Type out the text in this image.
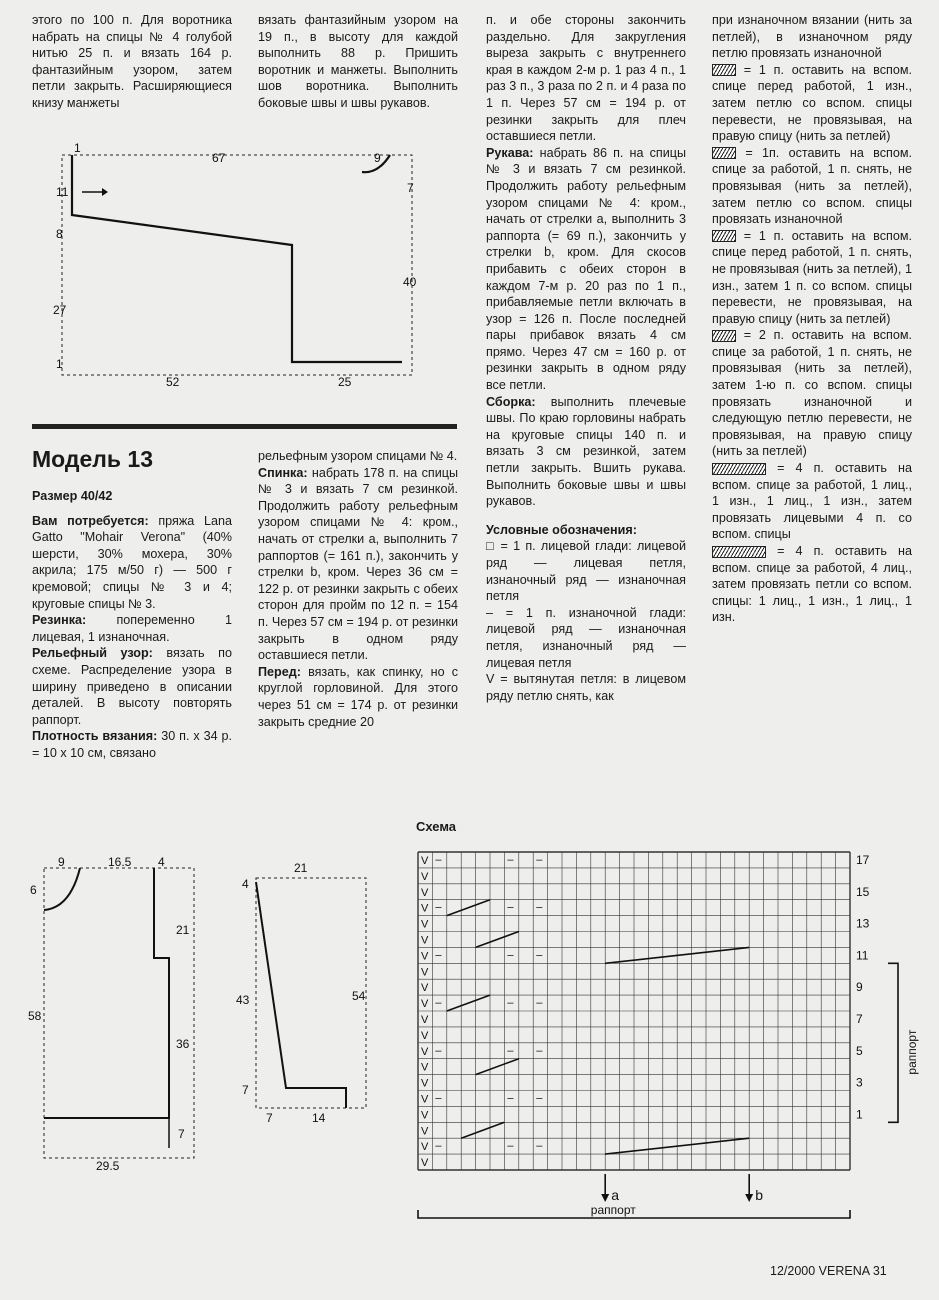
этого по 100 п. Для воротника набрать на спицы № 4 голубой нитью 25 п. и вязать 164 р. фантазийным узором, затем петли закрыть. Расширяющиеся книзу манжеты

вязать фантазийным узором на 19 п., в высоту для каждой выполнить 88 р. Пришить воротник и манжеты. Выполнить шов воротника. Выполнить боковые швы и швы рукавов.

п. и обе стороны закончить раздельно. Для закругления выреза закрыть с внутреннего края в каждом 2-м р. 1 раз 4 п., 1 раз 3 п., 3 раза по 2 п. и 4 раза по 1 п. Через 57 см = 194 р. от резинки закрыть для плеч оставшиеся петли.

Рукава: набрать 86 п. на спицы № 3 и вязать 7 см резинкой. Продолжить работу рельефным узором спицами № 4: кром., начать от стрелки а, выполнить 3 раппорта (= 69 п.), закончить у стрелки b, кром. Для скосов прибавить с обеих сторон в каждом 7-м р. 20 раз по 1 п., прибавляемые петли включать в узор = 126 п. После последней пары прибавок вязать 4 см прямо. Через 47 см = 160 р. от резинки закрыть в одном ряду все петли.

Сборка: выполнить плечевые швы. По краю горловины набрать на круговые спицы 140 п. и вязать 3 см резинкой, затем петли закрыть. Вшить рукава. Выполнить боковые швы и швы рукавов.

Условные обозначения:

□ = 1 п. лицевой глади: лицевой ряд — лицевая петля, изнаночный ряд — изнаночная петля

– = 1 п. изнаночной глади: лицевой ряд — изнаночная петля, изнаночный ряд — лицевая петля

V = вытянутая петля: в лицевом ряду петлю снять, как

при изнаночном вязании (нить за петлей), в изнаночном ряду петлю провязать изнаночной

= 1 п. оставить на вспом. спице перед работой, 1 изн., затем петлю со вспом. спицы перевести, не провязывая, на правую спицу (нить за петлей)

= 1п. оставить на вспом. спице за работой, 1 п. снять, не провязывая (нить за петлей), затем петлю со вспом. спицы провязать изнаночной

= 1 п. оставить на вспом. спице перед работой, 1 п. снять, не провязывая (нить за петлей), 1 изн., затем 1 п. со вспом. спицы перевести, не провязывая, на правую спицу (нить за петлей)

= 2 п. оставить на вспом. спице за работой, 1 п. снять, не провязывая (нить за петлей), затем 1-ю п. со вспом. спицы провязать изнаночной и следующую петлю перевести, не провязывая, на правую спицу (нить за петлей)

= 4 п. оставить на вспом. спице за работой, 1 лиц., 1 изн., 1 лиц., 1 изн., затем провязать лицевыми 4 п. со вспом. спицы

= 4 п. оставить на вспом. спице за работой, 4 лиц., затем провязать петли со вспом. спицы: 1 лиц., 1 изн., 1 лиц., 1 изн.

1
67	9
11	7
8
40
27
1
52	25
Модель 13

Размер 40/42

Вам потребуется: пряжа Lana Gatto "Mohair Verona" (40% шерсти, 30% мохера, 30% акрила; 175 м/50 г) — 500 г кремовой; спицы № 3 и 4; круговые спицы № 3.

Резинка: попеременно 1 лицевая, 1 изнаночная.

Рельефный узор: вязать по схеме. Распределение узора в ширину приведено в описании деталей. В высоту повторять раппорт.

Плотность вязания: 30 п. х 34 р. = 10 х 10 см, связано

рельефным узором спицами № 4.

Спинка: набрать 178 п. на спицы № 3 и вязать 7 см резинкой. Продолжить работу рельефным узором спицами № 4: кром., начать от стрелки а, выполнить 7 раппортов (= 161 п.), закончить у стрелки b, кром. Через 36 см = 122 р. от резинки закрыть с обеих сторон для пройм по 12 п. = 154 п. Через 57 см = 194 р. от резинки закрыть в одном ряду оставшиеся петли.

Перед: вязать, как спинку, но с круглой горловиной. Для этого через 51 см = 174 р. от резинки закрыть средние 20

9	16.5 4
6
21
58
36
7
29.5
21
4
43	54
7
7	14
Схема
V –	– –
V
V
V –	– –
V
V
V –	– –
V
V
V –	– –
V
V
V –	– –
V
V
V –	– –
V
V
V –	– –
V
17
15
13
11
9
7
5
3
1
раппорт
a	b
раппорт
12/2000 VERENA 31
